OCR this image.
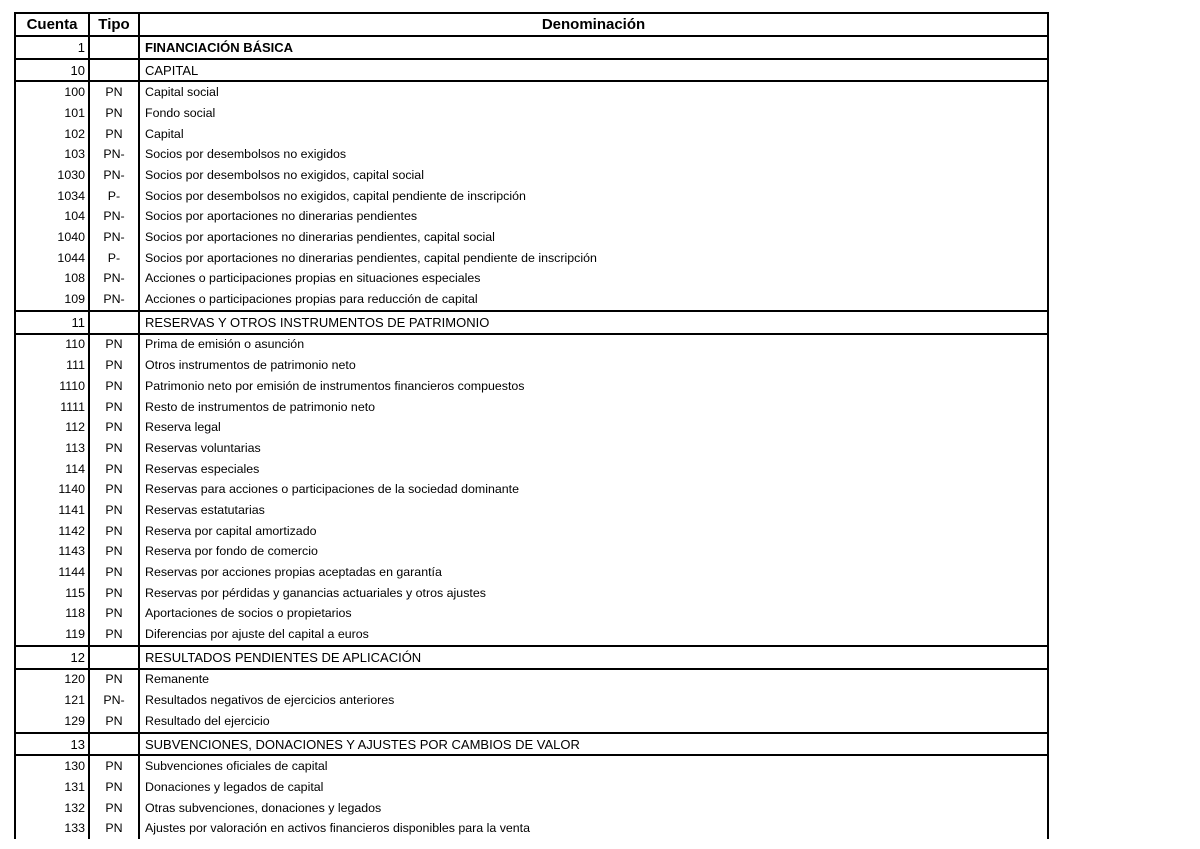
Cuenta	Tipo	Denominación
1		FINANCIACIÓN BÁSICA
10		CAPITAL
100	PN	Capital social
101	PN	Fondo social
102	PN	Capital
103	PN-	Socios por desembolsos no exigidos
1030	PN-	Socios por desembolsos no exigidos, capital social
1034	P-	Socios por desembolsos no exigidos, capital pendiente de inscripción
104	PN-	Socios por aportaciones no dinerarias pendientes
1040	PN-	Socios por aportaciones no dinerarias pendientes, capital social
1044	P-	Socios por aportaciones no dinerarias pendientes, capital pendiente de inscripción
108	PN-	Acciones o participaciones propias en situaciones especiales
109	PN-	Acciones o participaciones propias para reducción de capital
11		RESERVAS Y OTROS INSTRUMENTOS DE PATRIMONIO
110	PN	Prima de emisión o asunción
111	PN	Otros instrumentos de patrimonio neto
1110	PN	Patrimonio neto por emisión de instrumentos financieros compuestos
1111	PN	Resto de instrumentos de patrimonio neto
112	PN	Reserva legal
113	PN	Reservas voluntarias
114	PN	Reservas especiales
1140	PN	Reservas para acciones o participaciones de la sociedad dominante
1141	PN	Reservas estatutarias
1142	PN	Reserva por capital amortizado
1143	PN	Reserva por fondo de comercio
1144	PN	Reservas por acciones propias aceptadas en garantía
115	PN	Reservas por pérdidas y ganancias actuariales y otros ajustes
118	PN	Aportaciones de socios o propietarios
119	PN	Diferencias por ajuste del capital a euros
12		RESULTADOS PENDIENTES DE APLICACIÓN
120	PN	Remanente
121	PN-	Resultados negativos de ejercicios anteriores
129	PN	Resultado del ejercicio
13		SUBVENCIONES, DONACIONES Y AJUSTES POR CAMBIOS DE VALOR
130	PN	Subvenciones oficiales de capital
131	PN	Donaciones y legados de capital
132	PN	Otras subvenciones, donaciones y legados
133	PN	Ajustes por valoración en activos financieros disponibles para la venta
